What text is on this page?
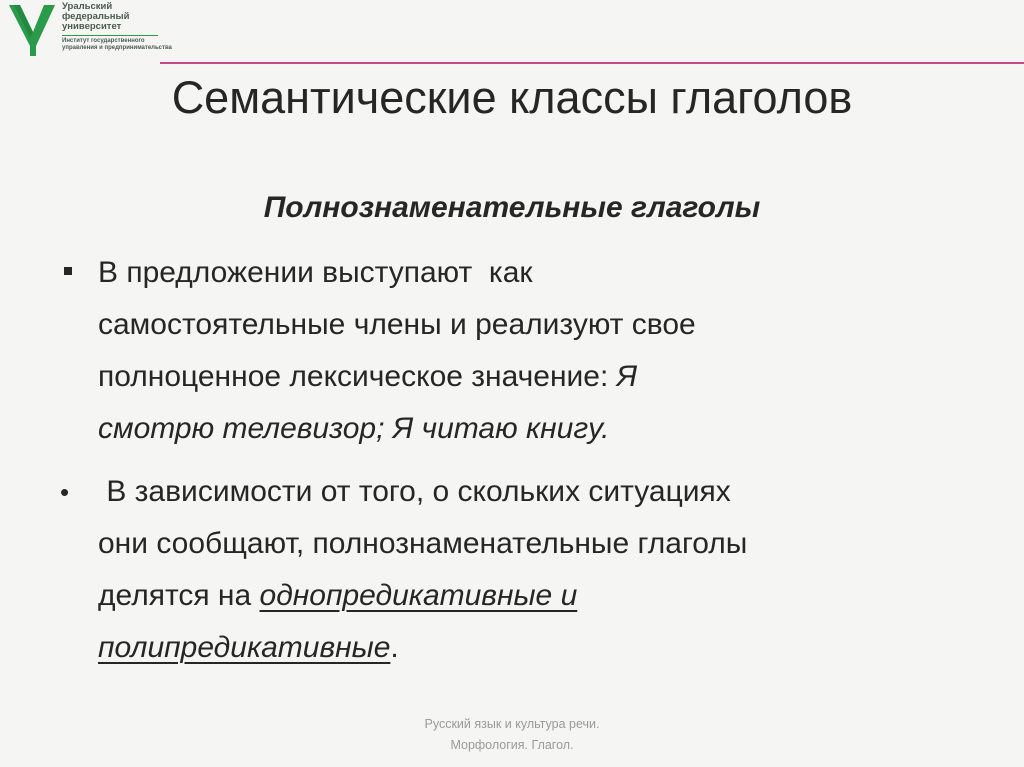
Уральский
федеральный
университет
Институт государственного
управления и предпринимательства
Семантические классы глаголов
Полнознаменательные глаголы
В предложении выступают  как
самостоятельные члены и реализуют свое
полноценное лексическое значение: Я
смотрю телевизор; Я читаю книгу.
• В зависимости от того, о скольких ситуациях
они сообщают, полнознаменательные глаголы
делятся на однопредикативные и
полипредикативные.
Русский язык и культура речи.
Морфология. Глагол.
